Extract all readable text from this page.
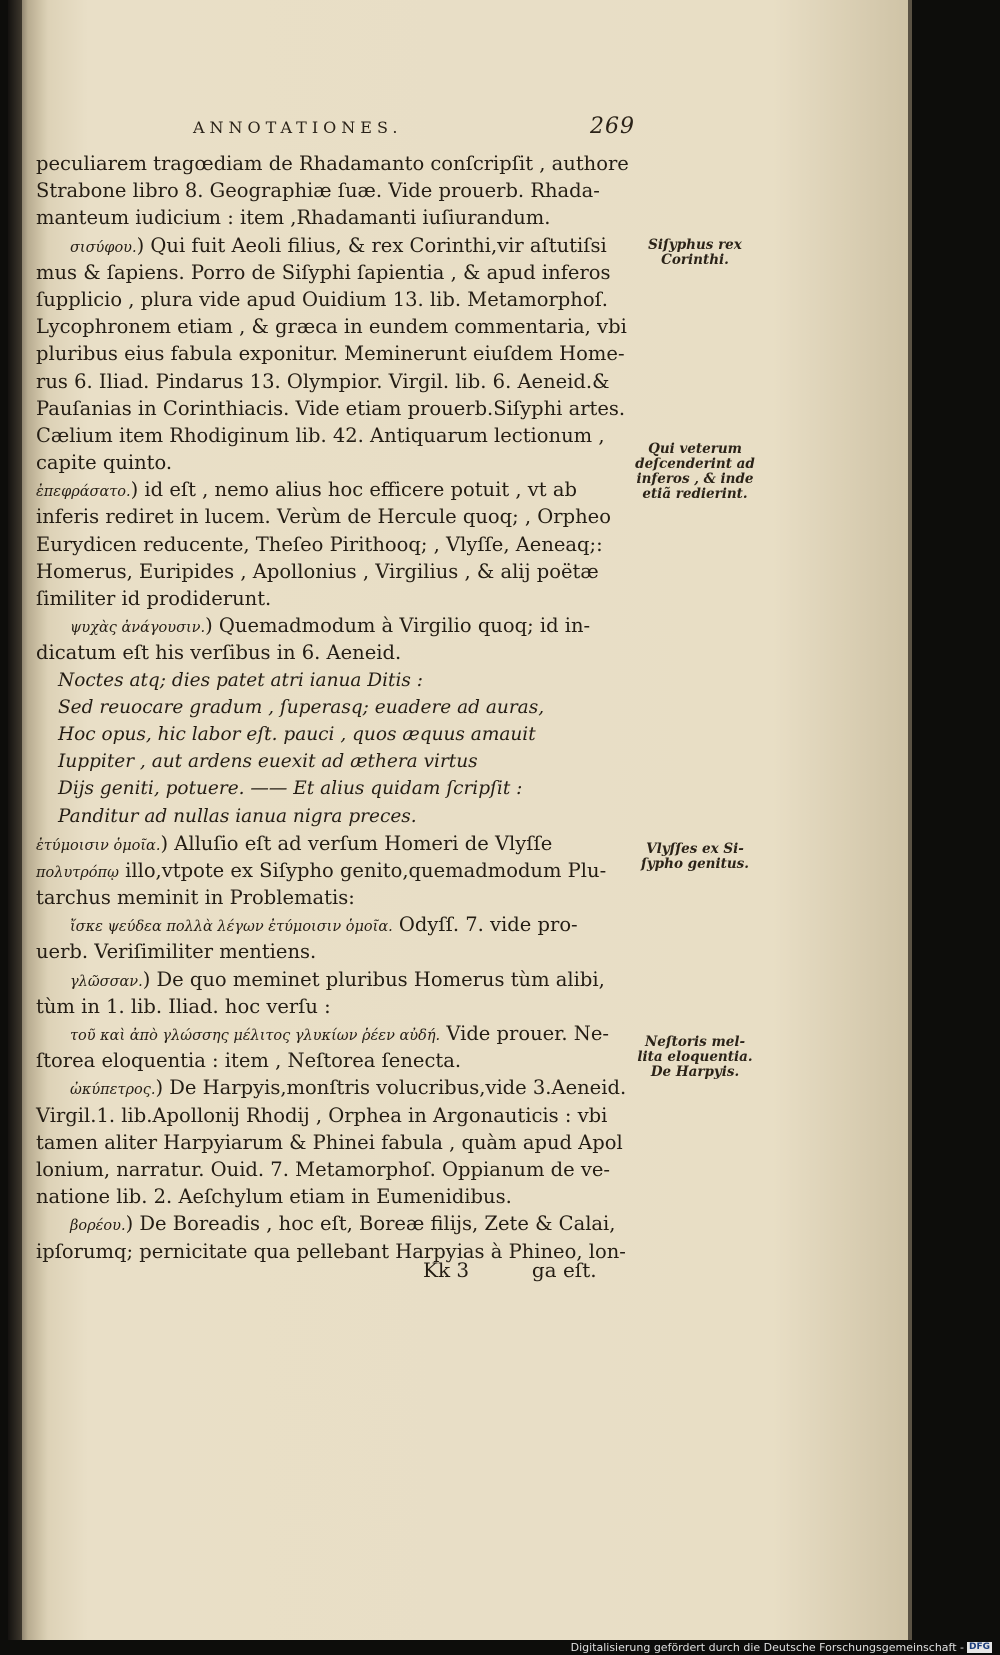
ANNOTATIONES.	269
peculiarem tragœdiam de Rhadamanto conſcripſit , authore
Strabone libro 8. Geographiæ ſuæ. Vide prouerb. Rhada-
manteum iudicium : item ,Rhadamanti iuſiurandum.
σισύφου.) Qui fuit Aeoli filius, & rex Corinthi,vir aſtutiſsi
mus & ſapiens. Porro de Siſyphi ſapientia , & apud inferos
ſupplicio , plura vide apud Ouidium 13. lib. Metamorphoſ.
Lycophronem etiam , & græca in eundem commentaria, vbi
pluribus eius fabula exponitur. Meminerunt eiuſdem Home-
rus 6. Iliad. Pindarus 13. Olympior. Virgil. lib. 6. Aeneid.&
Pauſanias in Corinthiacis. Vide etiam prouerb.Siſyphi artes.
Cælium item Rhodiginum lib. 42. Antiquarum lectionum ,
capite quinto.
ἐπεφράσατο.) id eſt , nemo alius hoc efficere potuit , vt ab
inferis rediret in lucem. Verùm de Hercule quoq; , Orpheo
Eurydicen reducente, Theſeo Pirithooq; , Vlyſſe, Aeneaq;:
Homerus, Euripides , Apollonius , Virgilius , & alij poëtæ
ſimiliter id prodiderunt.
ψυχὰς ἀνάγουσιν.) Quemadmodum à Virgilio quoq; id in-
dicatum eſt his verſibus in 6. Aeneid.
Noctes atq; dies patet atri ianua Ditis :
Sed reuocare gradum , ſuperasq; euadere ad auras,
Hoc opus, hic labor eſt. pauci , quos æquus amauit
Iuppiter , aut ardens euexit ad æthera virtus
Dijs geniti, potuere. —— Et alius quidam ſcripſit :
Panditur ad nullas ianua nigra preces.
ἐτύμοισιν ὁμοῖα.) Alluſio eſt ad verſum Homeri de Vlyſſe
πολυτρόπῳ illo,vtpote ex Siſypho genito,quemadmodum Plu-
tarchus meminit in Problematis:
ἴσκε ψεύδεα πολλὰ λέγων ἐτύμοισιν ὁμοῖα. Odyſſ. 7. vide pro-
uerb. Veriſimiliter mentiens.
γλῶσσαν.) De quo meminet pluribus Homerus tùm alibi,
tùm in 1. lib. Iliad. hoc verſu :
τοῦ καὶ ἀπὸ γλώσσης μέλιτος γλυκίων ῥέεν αὐδή. Vide prouer. Ne-
ſtorea eloquentia : item , Neſtorea ſenecta.
ὠκύπετρος.) De Harpyis,monſtris volucribus,vide 3.Aeneid.
Virgil.1. lib.Apollonij Rhodij , Orphea in Argonauticis : vbi
tamen aliter Harpyiarum & Phinei fabula , quàm apud Apol
lonium, narratur. Ouid. 7. Metamorphoſ. Oppianum de ve-
natione lib. 2. Aeſchylum etiam in Eumenidibus.
βορέου.) De Boreadis , hoc eſt, Boreæ filijs, Zete & Calai,
ipſorumq; pernicitate qua pellebant Harpyias à Phineo, lon-
Kk 3	ga eſt.
Siſyphus rex
Corinthi.
Qui veterum
deſcenderint ad
inferos , & inde
etiã redierint.
Vlyſſes ex Si-
ſypho genitus.
Neſtoris mel-
lita eloquentia.
De Harpyis.
Digitalisierung gefördert durch die Deutsche Forschungsgemeinschaft - DFG
